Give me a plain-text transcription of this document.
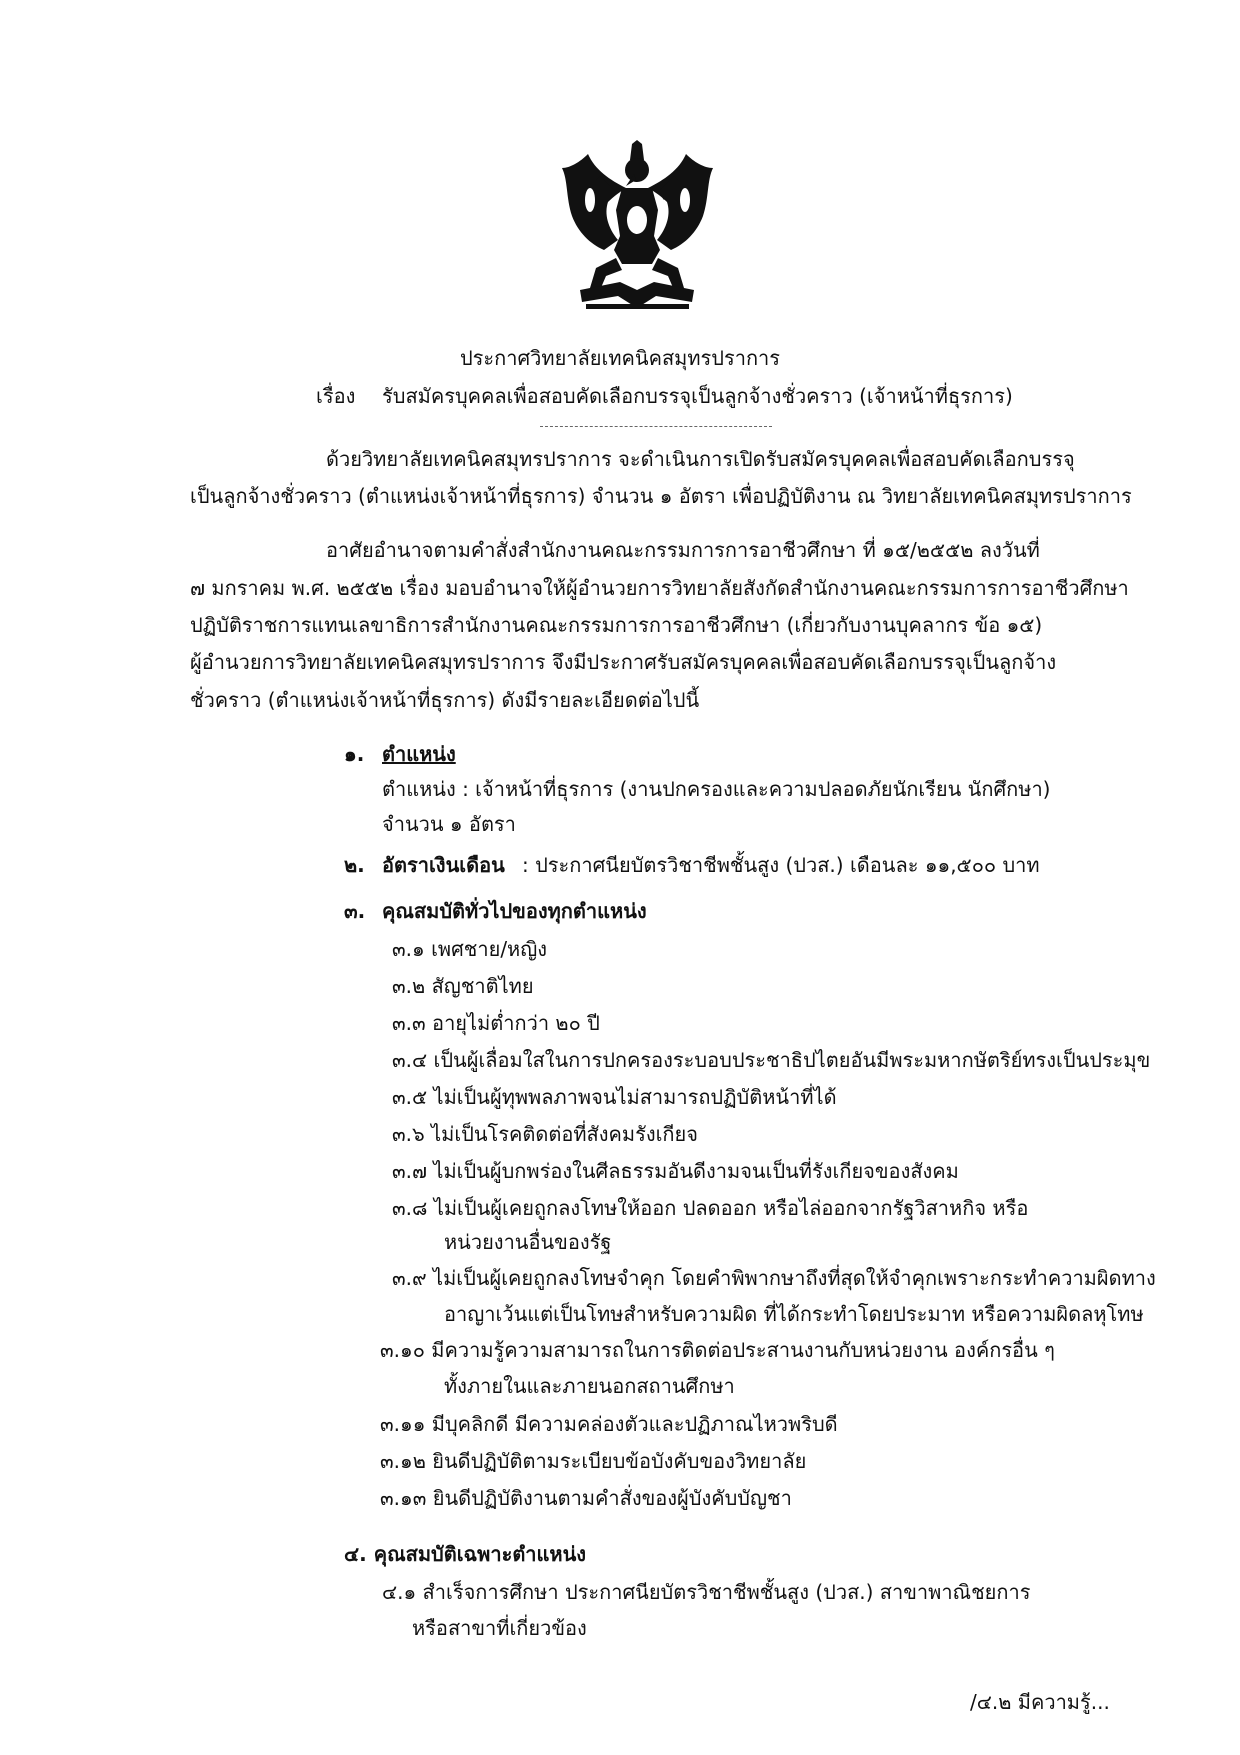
ประกาศวิทยาลัยเทคนิคสมุทรปราการ
เรื่อง รับสมัครบุคคลเพื่อสอบคัดเลือกบรรจุเป็นลูกจ้างชั่วคราว (เจ้าหน้าที่ธุรการ)
ด้วยวิทยาลัยเทคนิคสมุทรปราการ จะดำเนินการเปิดรับสมัครบุคคลเพื่อสอบคัดเลือกบรรจุ
เป็นลูกจ้างชั่วคราว (ตำแหน่งเจ้าหน้าที่ธุรการ) จำนวน ๑ อัตรา เพื่อปฏิบัติงาน ณ วิทยาลัยเทคนิคสมุทรปราการ
อาศัยอำนาจตามคำสั่งสำนักงานคณะกรรมการการอาชีวศึกษา ที่ ๑๕/๒๕๕๒ ลงวันที่
๗ มกราคม พ.ศ. ๒๕๕๒ เรื่อง มอบอำนาจให้ผู้อำนวยการวิทยาลัยสังกัดสำนักงานคณะกรรมการการอาชีวศึกษา
ปฏิบัติราชการแทนเลขาธิการสำนักงานคณะกรรมการการอาชีวศึกษา (เกี่ยวกับงานบุคลากร ข้อ ๑๕)
ผู้อำนวยการวิทยาลัยเทคนิคสมุทรปราการ จึงมีประกาศรับสมัครบุคคลเพื่อสอบคัดเลือกบรรจุเป็นลูกจ้าง
ชั่วคราว (ตำแหน่งเจ้าหน้าที่ธุรการ) ดังมีรายละเอียดต่อไปนี้
๑. ตำแหน่ง
ตำแหน่ง : เจ้าหน้าที่ธุรการ (งานปกครองและความปลอดภัยนักเรียน นักศึกษา)
จำนวน ๑ อัตรา
๒. อัตราเงินเดือน : ประกาศนียบัตรวิชาชีพชั้นสูง (ปวส.) เดือนละ ๑๑,๕๐๐ บาท
๓. คุณสมบัติทั่วไปของทุกตำแหน่ง
๓.๑ เพศชาย/หญิง
๓.๒ สัญชาติไทย
๓.๓ อายุไม่ต่ำกว่า ๒๐ ปี
๓.๔ เป็นผู้เลื่อมใสในการปกครองระบอบประชาธิปไตยอันมีพระมหากษัตริย์ทรงเป็นประมุข
๓.๕ ไม่เป็นผู้ทุพพลภาพจนไม่สามารถปฏิบัติหน้าที่ได้
๓.๖ ไม่เป็นโรคติดต่อที่สังคมรังเกียจ
๓.๗ ไม่เป็นผู้บกพร่องในศีลธรรมอันดีงามจนเป็นที่รังเกียจของสังคม
๓.๘ ไม่เป็นผู้เคยถูกลงโทษให้ออก ปลดออก หรือไล่ออกจากรัฐวิสาหกิจ หรือ
หน่วยงานอื่นของรัฐ
๓.๙ ไม่เป็นผู้เคยถูกลงโทษจำคุก โดยคำพิพากษาถึงที่สุดให้จำคุกเพราะกระทำความผิดทาง
อาญาเว้นแต่เป็นโทษสำหรับความผิด ที่ได้กระทำโดยประมาท หรือความผิดลหุโทษ
๓.๑๐ มีความรู้ความสามารถในการติดต่อประสานงานกับหน่วยงาน องค์กรอื่น ๆ
ทั้งภายในและภายนอกสถานศึกษา
๓.๑๑ มีบุคลิกดี มีความคล่องตัวและปฏิภาณไหวพริบดี
๓.๑๒ ยินดีปฏิบัติตามระเบียบข้อบังคับของวิทยาลัย
๓.๑๓ ยินดีปฏิบัติงานตามคำสั่งของผู้บังคับบัญชา
๔. คุณสมบัติเฉพาะตำแหน่ง
๔.๑ สำเร็จการศึกษา ประกาศนียบัตรวิชาชีพชั้นสูง (ปวส.) สาขาพาณิชยการ
หรือสาขาที่เกี่ยวข้อง
/๔.๒ มีความรู้...
